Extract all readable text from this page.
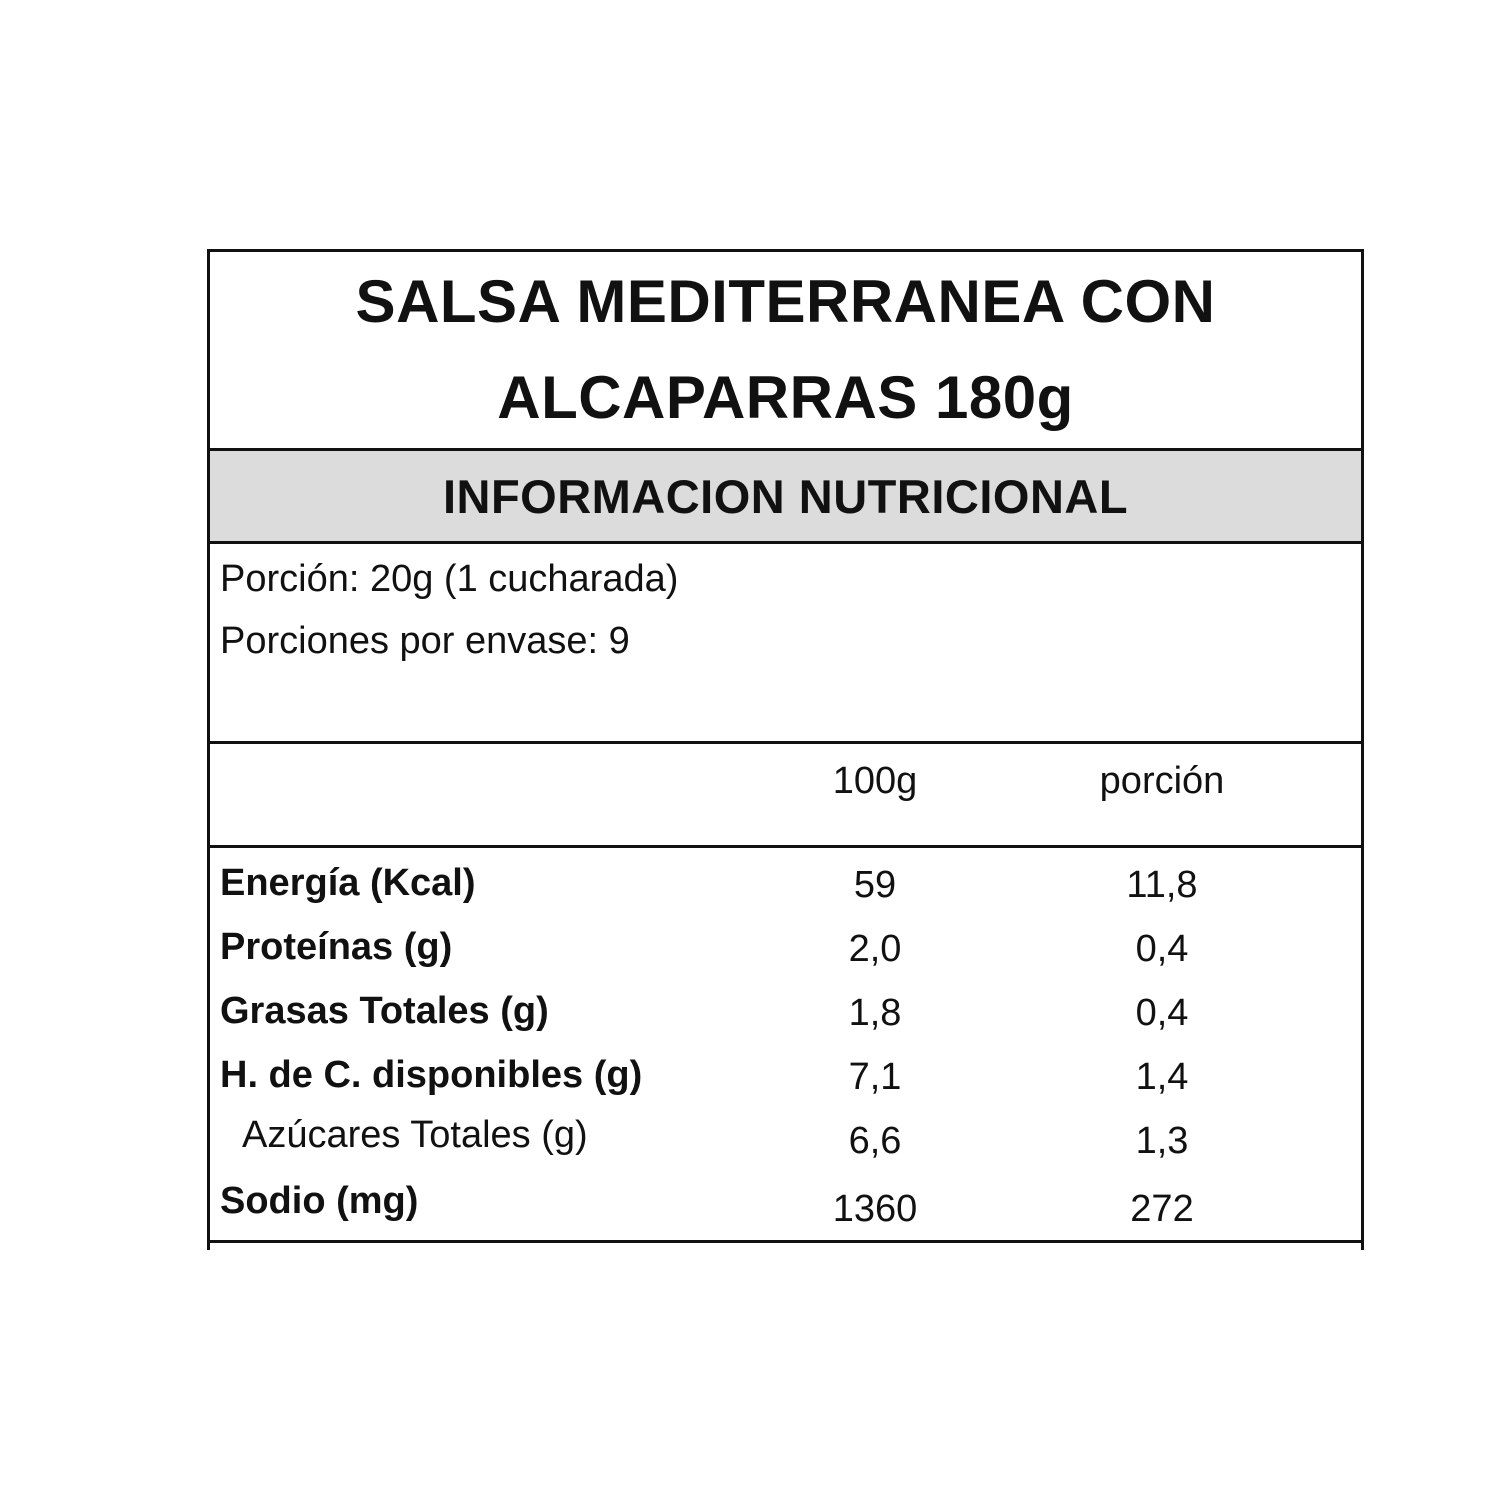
SALSA MEDITERRANEA CON
ALCAPARRAS 180g
INFORMACION NUTRICIONAL
Porción: 20g (1 cucharada)
Porciones por envase: 9
100g	porción
Energía (Kcal)	59	11,8
Proteínas (g)	2,0	0,4
Grasas Totales (g)	1,8	0,4
H. de C. disponibles (g)	7,1	1,4
Azúcares Totales (g)	6,6	1,3
Sodio (mg)	1360	272
